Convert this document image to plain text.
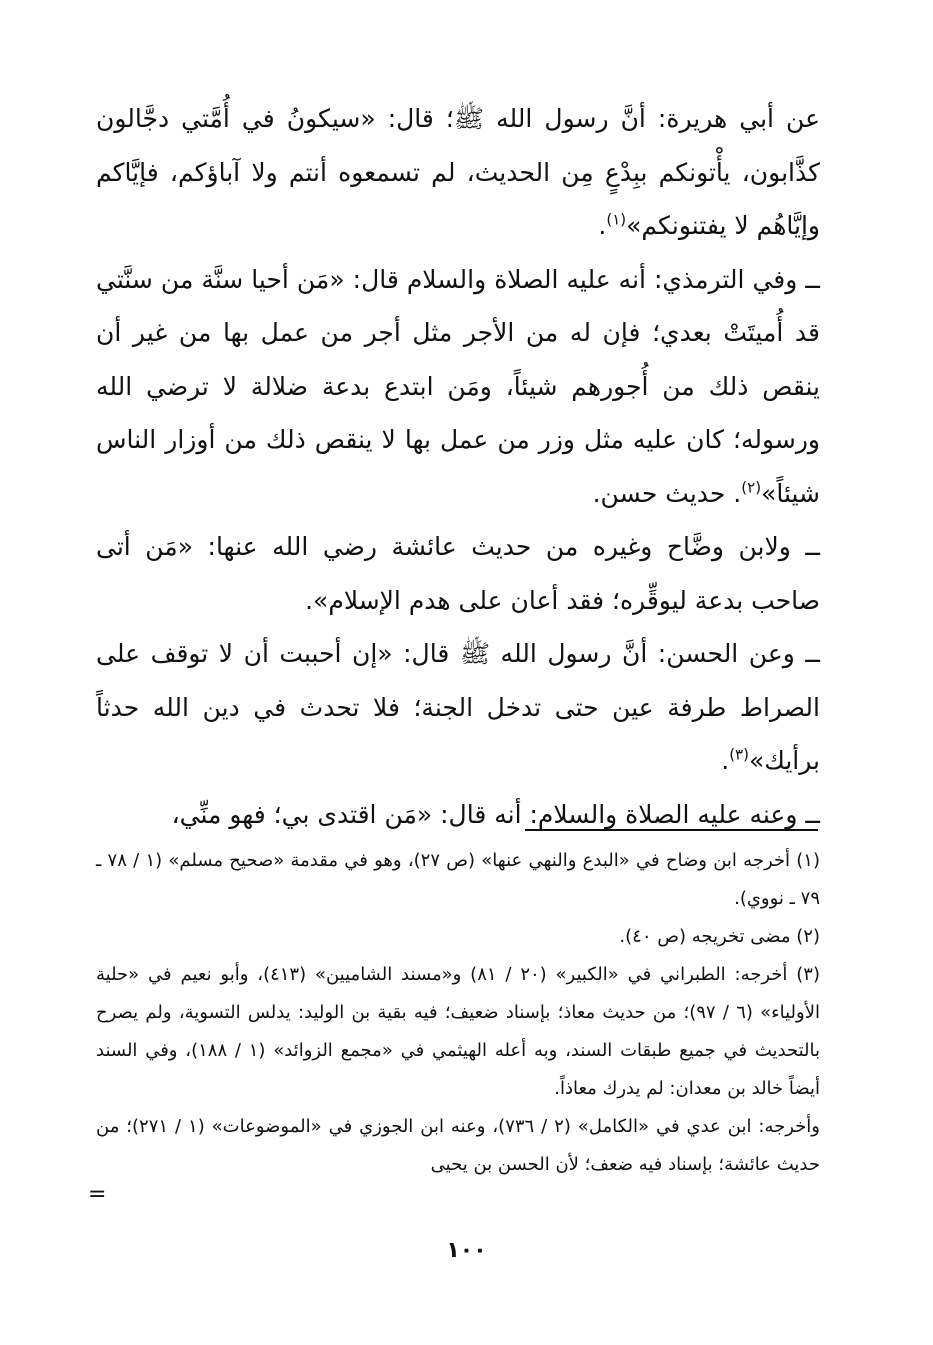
عن أبي هريرة: أنَّ رسول الله ﷺ؛ قال: «سيكونُ في أُمَّتي دجَّالون كذَّابون، يأْتونكم ببِدْعٍ مِن الحديث، لم تسمعوه أنتم ولا آباؤكم، فإيَّاكم وإيَّاهُم لا يفتنونكم»$^{(١)}$.

ــ وفي الترمذي: أنه عليه الصلاة والسلام قال: «مَن أحيا سنَّة من سنَّتي قد أُميتَتْ بعدي؛ فإن له من الأجر مثل أجر من عمل بها من غير أن ينقص ذلك من أُجورهم شيئاً، ومَن ابتدع بدعة ضلالة لا ترضي الله ورسوله؛ كان عليه مثل وزر من عمل بها لا ينقص ذلك من أوزار الناس شيئاً»$^{(٢)}$. حديث حسن.

ــ ولابن وضَّاح وغيره من حديث عائشة رضي الله عنها: «مَن أتى صاحب بدعة ليوقِّره؛ فقد أعان على هدم الإسلام».

ــ وعن الحسن: أنَّ رسول الله ﷺ قال: «إن أحببت أن لا توقف على الصراط طرفة عين حتى تدخل الجنة؛ فلا تحدث في دين الله حدثاً برأيك»$^{(٣)}$.

ــ وعنه عليه الصلاة والسلام: أنه قال: «مَن اقتدى بي؛ فهو منِّي،

(١) أخرجه ابن وضاح في «البدع والنهي عنها» (ص ٢٧)، وهو في مقدمة «صحيح مسلم» (١ / ٧٨ ـ ٧٩ ـ نووي).

(٢) مضى تخريجه (ص ٤٠).

(٣) أخرجه: الطبراني في «الكبير» (٢٠ / ٨١) و«مسند الشاميين» (٤١٣)، وأبو نعيم في «حلية الأولياء» (٦ / ٩٧)؛ من حديث معاذ؛ بإسناد ضعيف؛ فيه بقية بن الوليد: يدلس التسوية، ولم يصرح بالتحديث في جميع طبقات السند، وبه أعله الهيثمي في «مجمع الزوائد» (١ / ١٨٨)، وفي السند أيضاً خالد بن معدان: لم يدرك معاذاً.

وأخرجه: ابن عدي في «الكامل» (٢ / ٧٣٦)، وعنه ابن الجوزي في «الموضوعات» (١ / ٢٧١)؛ من حديث عائشة؛ بإسناد فيه ضعف؛ لأن الحسن بن يحيى

=
١٠٠
